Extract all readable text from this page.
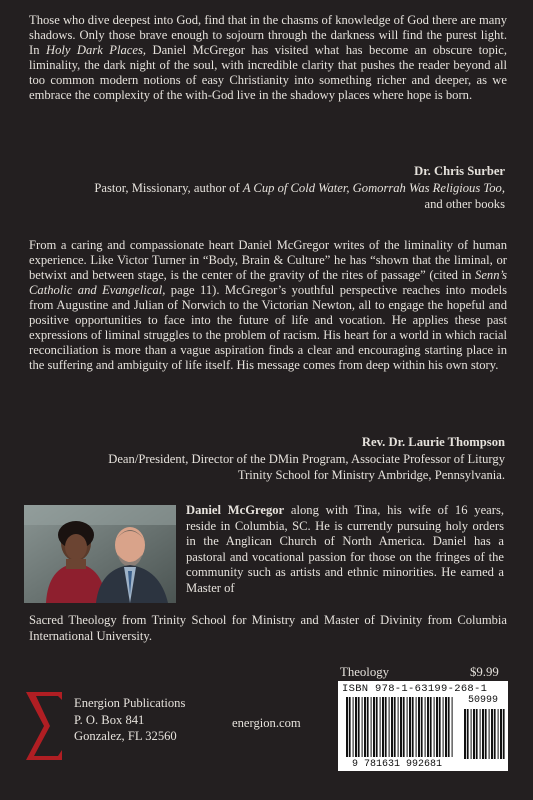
Those who dive deepest into God, find that in the chasms of knowledge of God there are many shadows. Only those brave enough to sojourn through the darkness will find the purest light. In Holy Dark Places, Daniel McGregor has visited what has become an obscure topic, liminality, the dark night of the soul, with incredible clarity that pushes the reader beyond all too common modern notions of easy Christianity into something richer and deeper, as we embrace the complexity of the with-God live in the shadowy places where hope is born.

Dr. Chris Surber

Pastor, Missionary, author of A Cup of Cold Water, Gomorrah Was Religious Too,
and other books

From a caring and compassionate heart Daniel McGregor writes of the liminality of human experience. Like Victor Turner in “Body, Brain & Culture” he has “shown that the liminal, or betwixt and between stage, is the center of the gravity of the rites of passage” (cited in Senn’s Catholic and Evangelical, page 11). McGregor’s youthful perspective reaches into models from Augustine and Julian of Norwich to the Victorian Newton, all to engage the hopeful and positive opportunities to face into the future of life and vocation. He applies these past expressions of liminal struggles to the problem of racism. His heart for a world in which racial reconciliation is more than a vague aspiration finds a clear and encouraging starting place in the suffering and ambiguity of life itself. His message comes from deep within his own story.

Rev. Dr. Laurie Thompson

Dean/President, Director of the DMin Program, Associate Professor of Liturgy
Trinity School for Ministry Ambridge, Pennsylvania.

Daniel McGregor along with Tina, his wife of 16 years, reside in Columbia, SC. He is currently pursuing holy orders in the Anglican Church of North America. Daniel has a pastoral and vocational passion for those on the fringes of the community such as artists and ethnic minorities. He earned a Master of

Sacred Theology from Trinity School for Ministry and Master of Divinity from Columbia International University.

Theology	$9.99
Energion Publications
P. O. Box 841
Gonzalez, FL 32560
energion.com
ISBN 978-1-63199-268-1
9 781631 992681
50999
